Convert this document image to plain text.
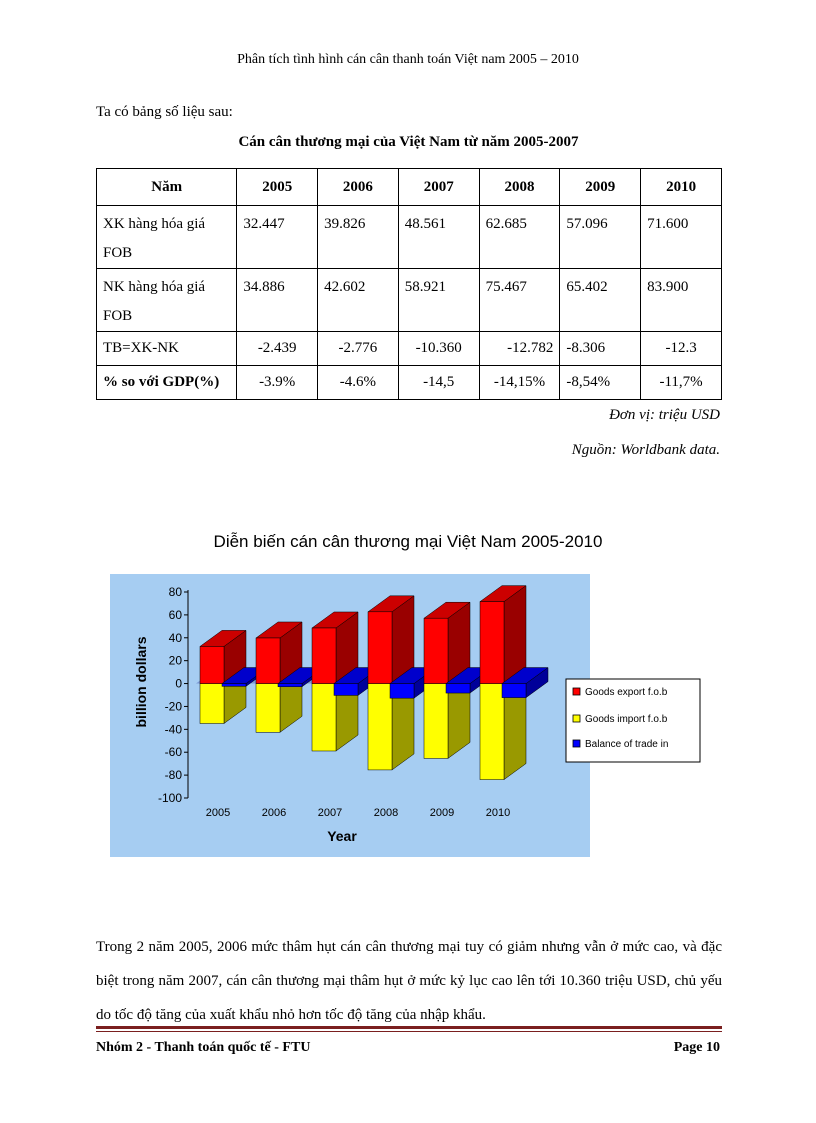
Phân tích tình hình cán cân thanh toán Việt nam 2005 – 2010
Ta có bảng số liệu sau:
Cán cân thương mại của Việt Nam từ năm 2005-2007
Năm	2005	2006	2007	2008	2009	2010
XK hàng hóa giá FOB	32.447	39.826	48.561	62.685	57.096	71.600
NK hàng hóa giá FOB	34.886	42.602	58.921	75.467	65.402	83.900
TB=XK-NK	-2.439	-2.776	-10.360	-12.782	-8.306	-12.3
% so với GDP(%)	-3.9%	-4.6%	-14,5	-14,15%	-8,54%	-11,7%
Đơn vị: triệu USD
Nguồn: Worldbank data.
Diễn biến cán cân thương mại Việt Nam 2005-2010
80
60
40
20
0
-20
-40
-60
-80
-100
2005	2006	2007	2008	2009	2010
Year
billion dollars	Goods export f.o.b
Goods import f.o.b
Balance of trade in
Trong 2 năm 2005, 2006 mức thâm hụt cán cân thương mại tuy có giảm nhưng vẫn ở mức cao, và đặc biệt trong năm 2007, cán cân thương mại thâm hụt ở mức kỷ lục cao lên tới 10.360 triệu USD, chủ yếu do tốc độ tăng của xuất khẩu nhỏ hơn tốc độ tăng của nhập khẩu.
Nhóm 2 - Thanh toán quốc tế - FTU	Page 10
